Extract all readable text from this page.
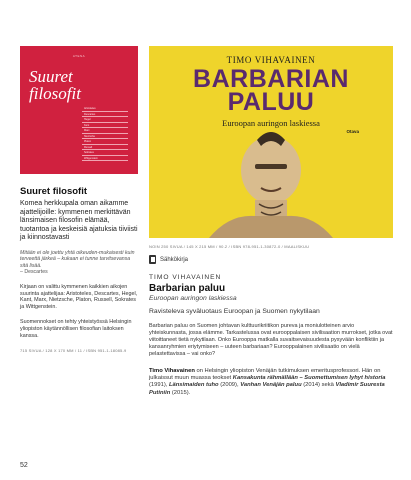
ATENA
Suuret
filosofit
Aristoteles
Descartes
Hegel
Kant
Marx
Nietzsche
Platon
Russell
Sokrates
Wittgenstein
Suuret filosofit
Komea herkkupala oman aikamme ajattelijoille: kymmenen merkittävän länsimaisen filosofin elämää, tuotantoa ja keskeisiä ajatuksia tiiviisti ja kiinnostavasti
Mitään ei ole joettu yhtä oikeuden-mukaisesti kuin terveettä järkeä – kukaan ei tunne tarvitsevansa sitä lisää.
– Descartes
Kirjaan on valittu kymmenen kaikkien aikojen suurinta ajattelijaa: Aristoteles, Descartes, Hegel, Kant, Marx, Nietzsche, Platon, Russell, Sokrates ja Wittgenstein.
Suomennokset on tehty yhteistyössä Helsingin yliopiston käytännöllisen filosofian laitoksen kanssa.
715 SIVUA / 128 X 170 MM / 11 / ISBN 951-1-18085-9
TIMO VIHAVAINEN
BARBARIAN
PALUU
Euroopan auringon laskiessa
Otava
NOIN 250 SIVUA / 145 X 215 MM / 90.2 / ISBN 978-951-1-30872-0 / MAALISKUU
Sähkökirja
TIMO VIHAVAINEN
Barbarian paluu
Euroopan auringon laskiessa
Ravisteleva syväluotaus Euroopan ja Suomen nykytilaan
Barbarian paluu on Suomen johtavan kulttuurikriitikon pureva ja moniulotteinen arvio yhteiskunnasta, jossa elämme. Tarkastelussa ovat eurooppalaisen sivilisaation murrokset, jotka ovat viitoittaneet tietä nykytilaan. Onko Eurooppa matkalla suvaitsevaisuudesta pysyvään konfliktiin ja kansanryhmien eriytymiseen – uuteen barbariaan? Eurooppalainen sivilisaatio on vielä pelastettavissa – vai onko?
Timo Vihavainen on Helsingin yliopiston Venäjän tutkimuksen emeritusprofessori. Hän on julkaissut muun muassa teokset Kansakunta rähmällään – Suomettumisen lyhyt historia (1991), Länsimaiden tuho (2009), Vanhan Venäjän paluu (2014) sekä Vladimir Suuresta Putiniin (2015).
52
